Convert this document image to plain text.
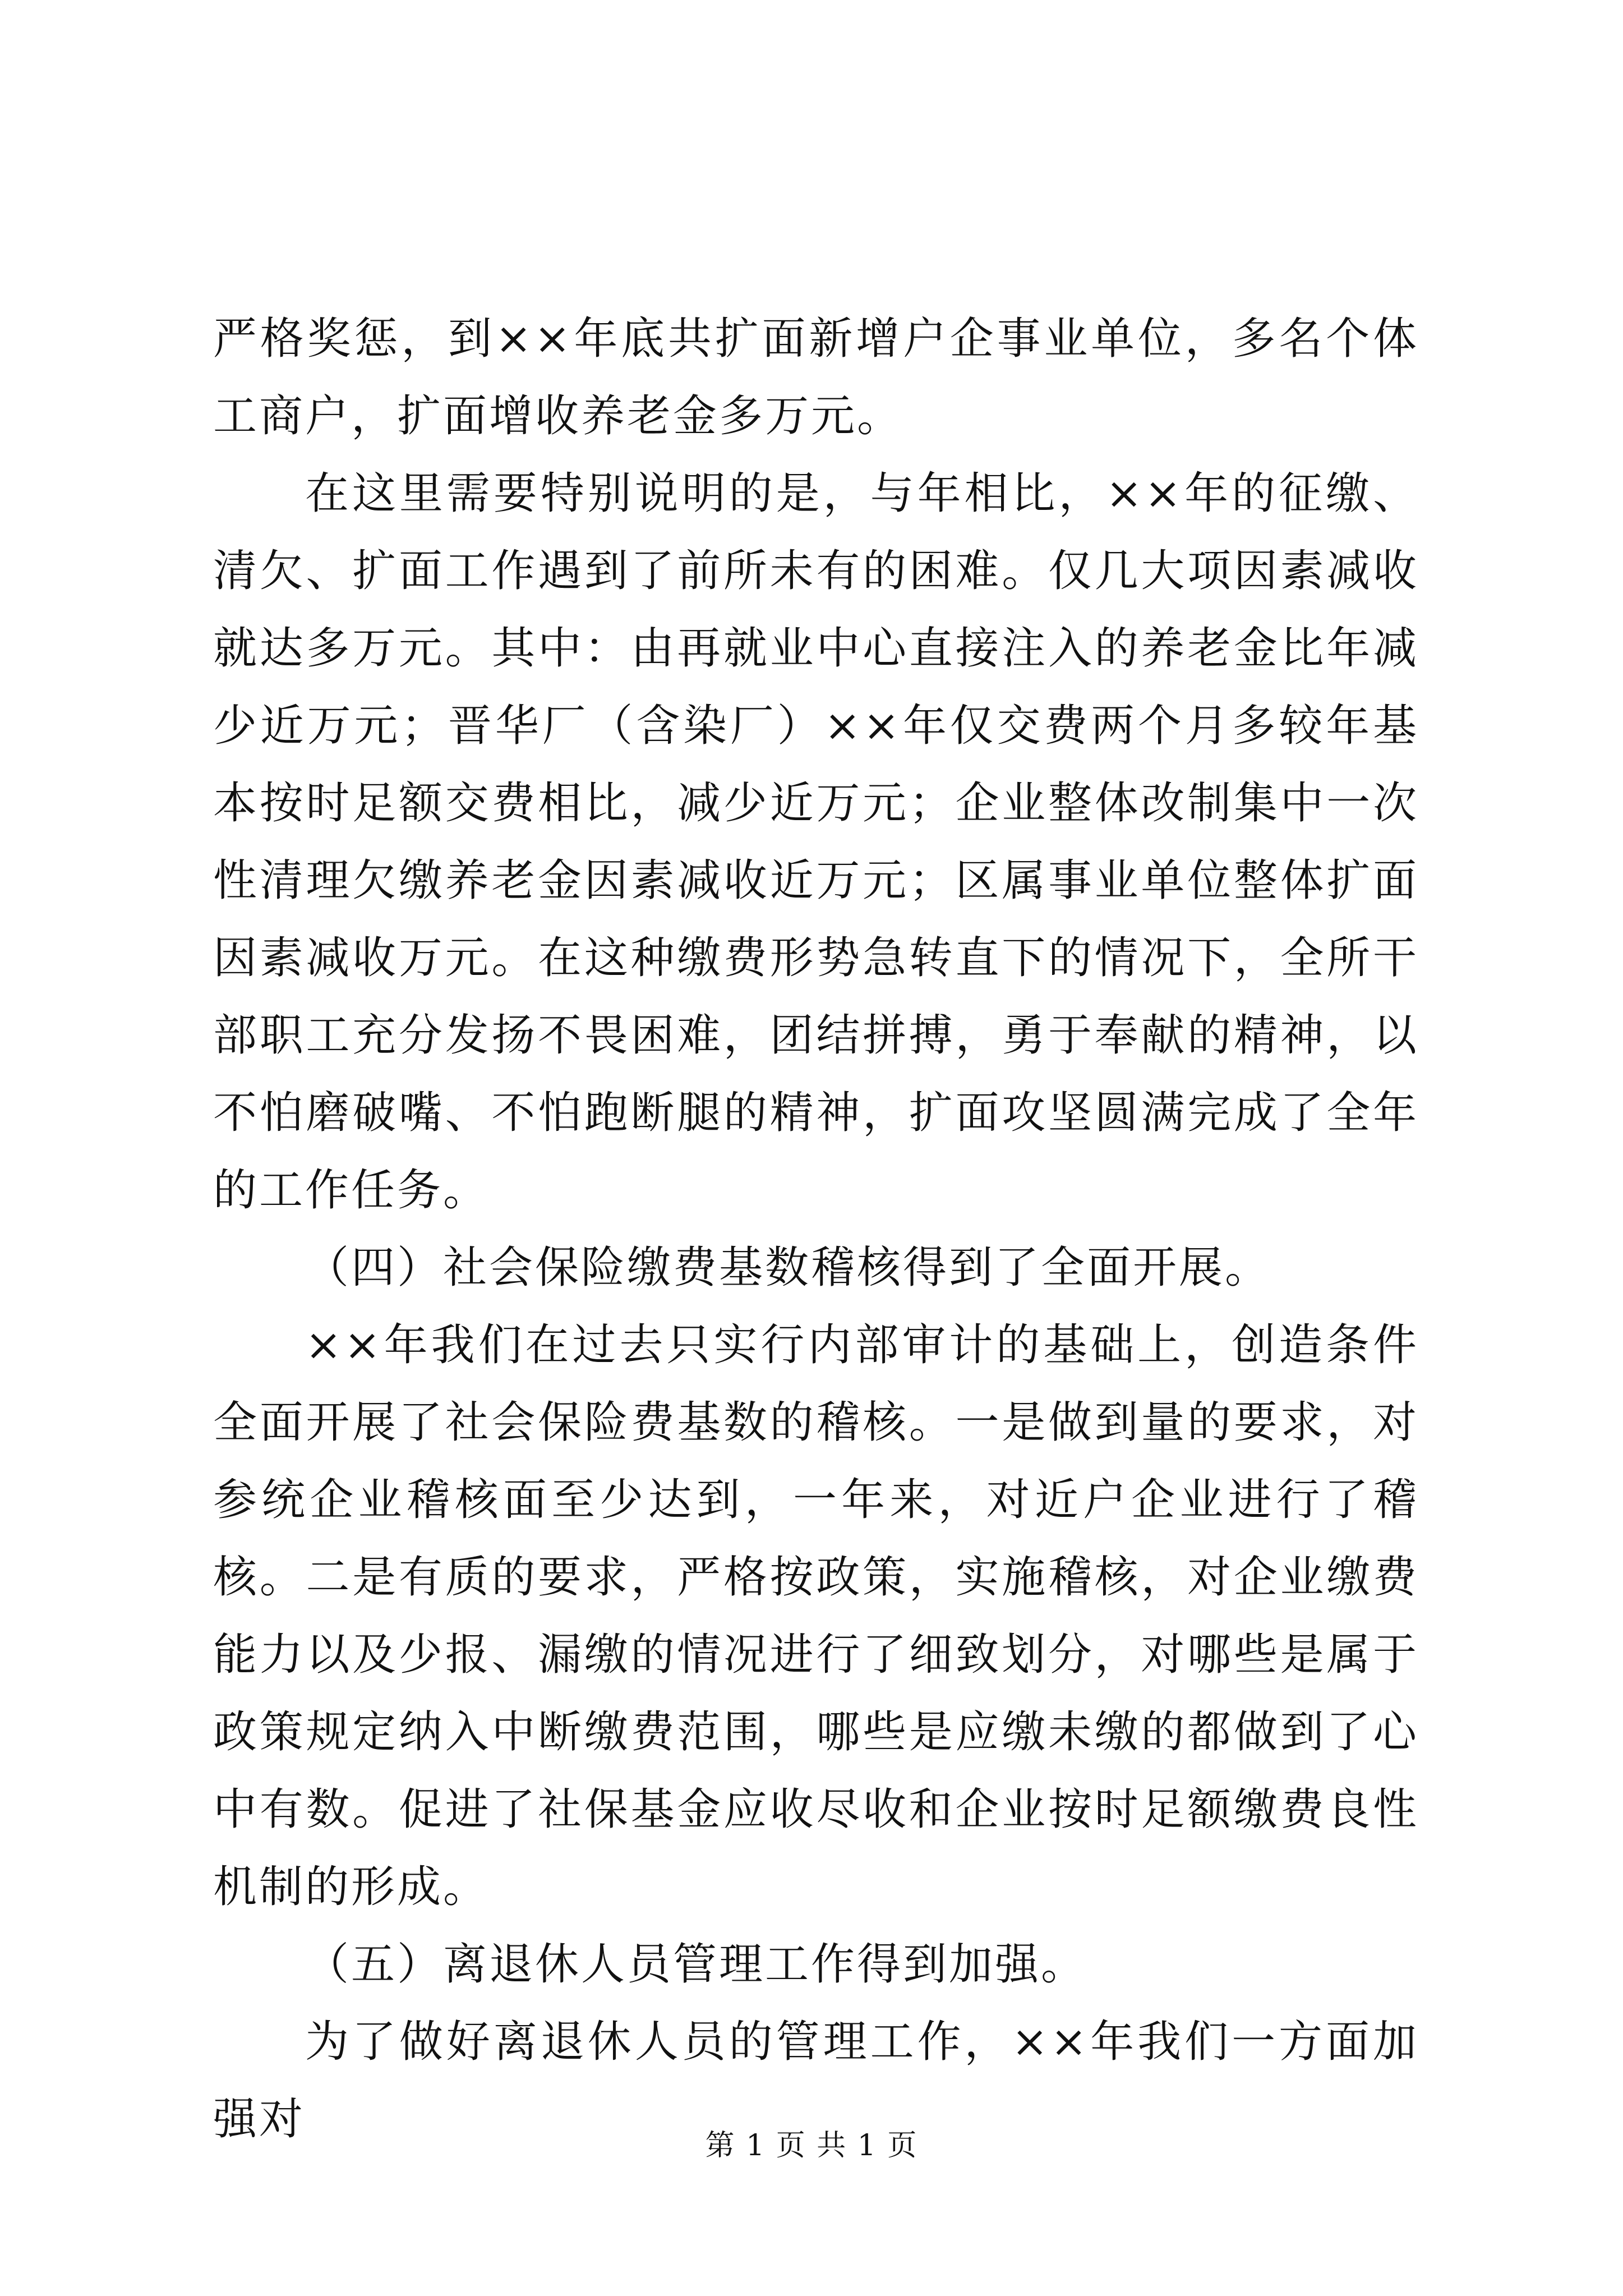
严格奖惩，到××年底共扩面新增户企事业单位，多名个体工商户，扩面增收养老金多万元。

在这里需要特别说明的是，与年相比，××年的征缴、清欠、扩面工作遇到了前所未有的困难。仅几大项因素减收就达多万元。其中：由再就业中心直接注入的养老金比年减少近万元；晋华厂（含染厂）××年仅交费两个月多较年基本按时足额交费相比，减少近万元；企业整体改制集中一次性清理欠缴养老金因素减收近万元；区属事业单位整体扩面因素减收万元。在这种缴费形势急转直下的情况下，全所干部职工充分发扬不畏困难，团结拼搏，勇于奉献的精神，以不怕磨破嘴、不怕跑断腿的精神，扩面攻坚圆满完成了全年的工作任务。

（四）社会保险缴费基数稽核得到了全面开展。

××年我们在过去只实行内部审计的基础上，创造条件全面开展了社会保险费基数的稽核。一是做到量的要求，对参统企业稽核面至少达到，一年来，对近户企业进行了稽核。二是有质的要求，严格按政策，实施稽核，对企业缴费能力以及少报、漏缴的情况进行了细致划分，对哪些是属于政策规定纳入中断缴费范围，哪些是应缴未缴的都做到了心中有数。促进了社保基金应收尽收和企业按时足额缴费良性机制的形成。

（五）离退休人员管理工作得到加强。

为了做好离退休人员的管理工作，××年我们一方面加强对

第 1 页 共 1 页
